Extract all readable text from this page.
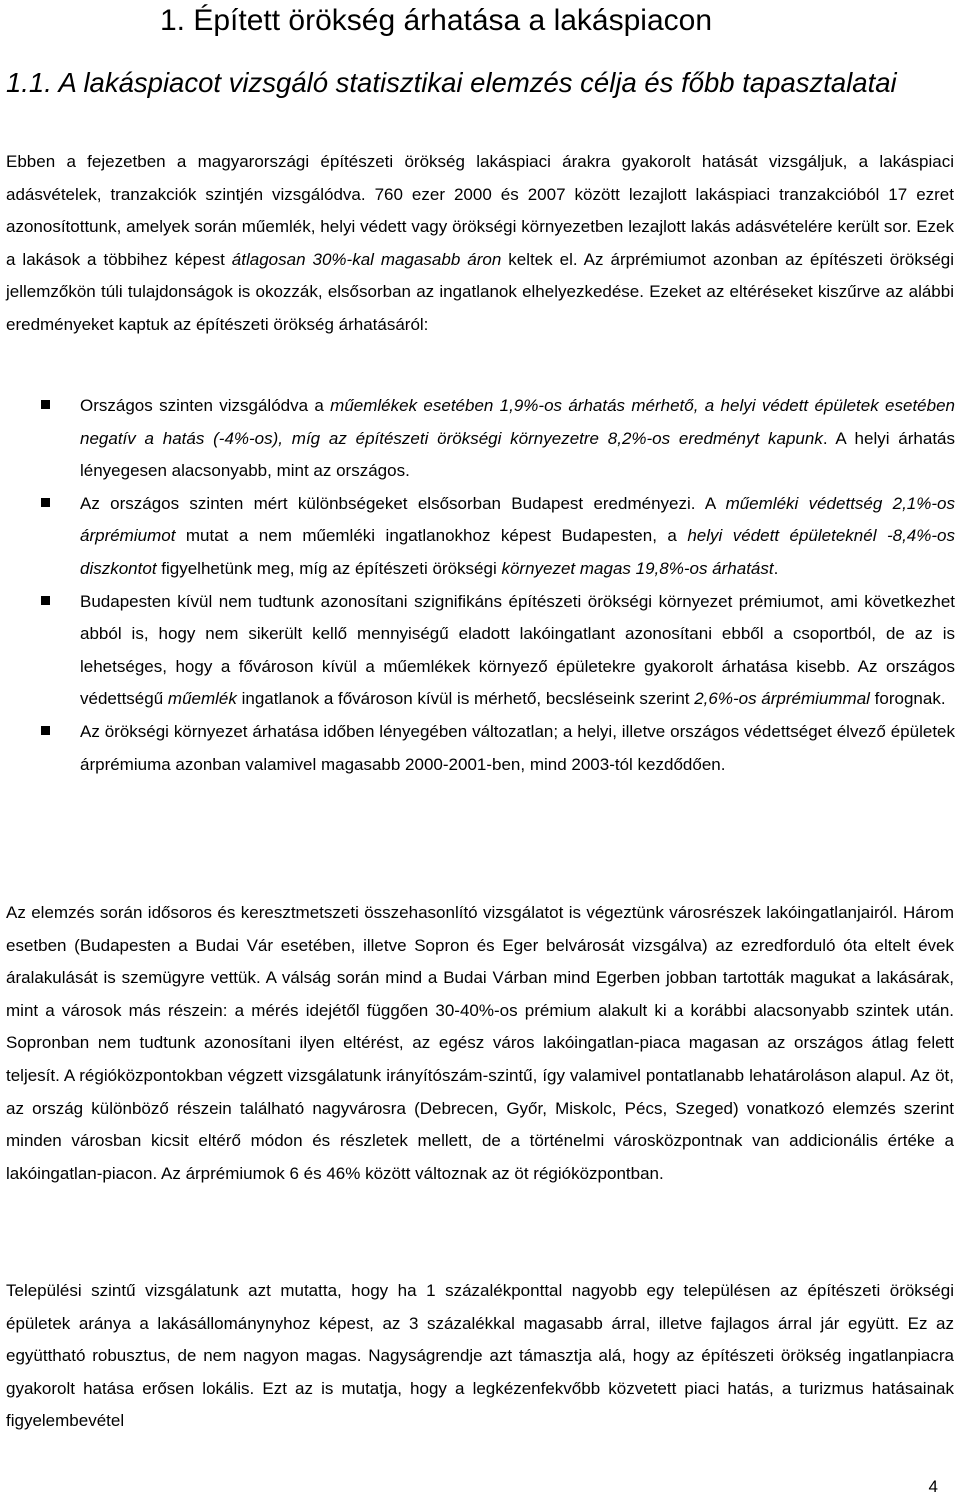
1. Épített örökség árhatása a lakáspiacon
1.1. A lakáspiacot vizsgáló statisztikai elemzés célja és főbb tapasztalatai

Ebben a fejezetben a magyarországi építészeti örökség lakáspiaci árakra gyakorolt hatását vizsgáljuk, a lakáspiaci adásvételek, tranzakciók szintjén vizsgálódva. 760 ezer 2000 és 2007 között lezajlott lakáspiaci tranzakcióból 17 ezret azonosítottunk, amelyek során műemlék, helyi védett vagy örökségi környezetben lezajlott lakás adásvételére került sor. Ezek a lakások a többihez képest átlagosan 30%-kal magasabb áron keltek el. Az árprémiumot azonban az építészeti örökségi jellemzőkön túli tulajdonságok is okozzák, elsősorban az ingatlanok elhelyezkedése. Ezeket az eltéréseket kiszűrve az alábbi eredményeket kaptuk az építészeti örökség árhatásáról:

Országos szinten vizsgálódva a műemlékek esetében 1,9%-os árhatás mérhető, a helyi védett épületek esetében negatív a hatás (-4%-os), míg az építészeti örökségi környezetre 8,2%-os eredményt kapunk. A helyi árhatás lényegesen alacsonyabb, mint az országos.
Az országos szinten mért különbségeket elsősorban Budapest eredményezi. A műemléki védettség 2,1%-os árprémiumot mutat a nem műemléki ingatlanokhoz képest Budapesten, a helyi védett épületeknél -8,4%-os diszkontot figyelhetünk meg, míg az építészeti örökségi környezet magas 19,8%-os árhatást.
Budapesten kívül nem tudtunk azonosítani szignifikáns építészeti örökségi környezet prémiumot, ami következhet abból is, hogy nem sikerült kellő mennyiségű eladott lakóingatlant azonosítani ebből a csoportból, de az is lehetséges, hogy a fővároson kívül a műemlékek környező épületekre gyakorolt árhatása kisebb. Az országos védettségű műemlék ingatlanok a fővároson kívül is mérhető, becsléseink szerint 2,6%-os árprémiummal forognak.
Az örökségi környezet árhatása időben lényegében változatlan; a helyi, illetve országos védettséget élvező épületek árprémiuma azonban valamivel magasabb 2000-2001-ben, mind 2003-tól kezdődően.

Az elemzés során idősoros és keresztmetszeti összehasonlító vizsgálatot is végeztünk városrészek lakóingatlanjairól. Három esetben (Budapesten a Budai Vár esetében, illetve Sopron és Eger belvárosát vizsgálva) az ezredforduló óta eltelt évek áralakulását is szemügyre vettük. A válság során mind a Budai Várban mind Egerben jobban tartották magukat a lakásárak, mint a városok más részein: a mérés idejétől függően 30-40%-os prémium alakult ki a korábbi alacsonyabb szintek után. Sopronban nem tudtunk azonosítani ilyen eltérést, az egész város lakóingatlan-piaca magasan az országos átlag felett teljesít. A régióközpontokban végzett vizsgálatunk irányítószám-szintű, így valamivel pontatlanabb lehatároláson alapul. Az öt, az ország különböző részein található nagyvárosra (Debrecen, Győr, Miskolc, Pécs, Szeged) vonatkozó elemzés szerint minden városban kicsit eltérő módon és részletek mellett, de a történelmi városközpontnak van addicionális értéke a lakóingatlan-piacon. Az árprémiumok 6 és 46% között változnak az öt régióközpontban.

Települési szintű vizsgálatunk azt mutatta, hogy ha 1 százalékponttal nagyobb egy településen az építészeti örökségi épületek aránya a lakásállománynyhoz képest, az 3 százalékkal magasabb árral, illetve fajlagos árral jár együtt. Ez az együttható robusztus, de nem nagyon magas. Nagyságrendje azt támasztja alá, hogy az építészeti örökség ingatlanpiacra gyakorolt hatása erősen lokális. Ezt az is mutatja, hogy a legkézenfekvőbb közvetett piaci hatás, a turizmus hatásainak figyelembevétel

4
